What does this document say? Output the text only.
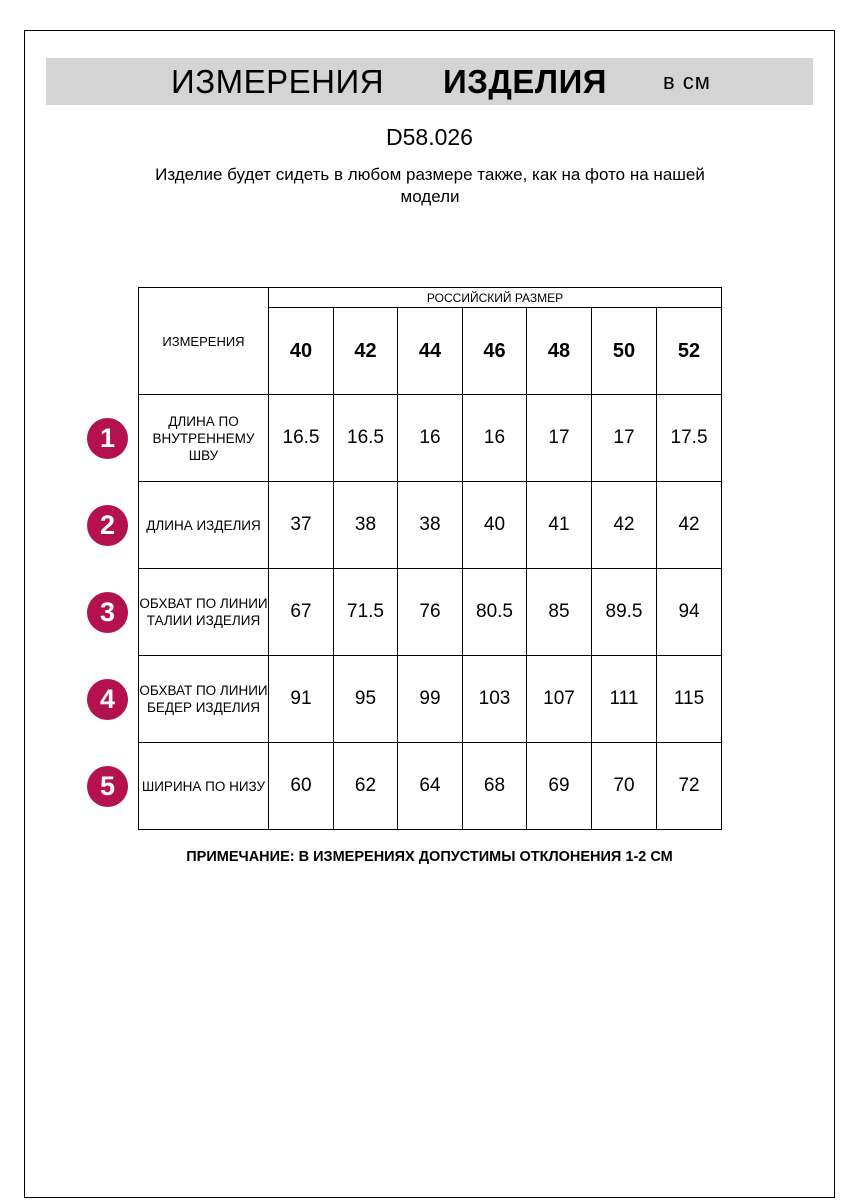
ИЗМЕРЕНИЯ ИЗДЕЛИЯ	в см
D58.026
Изделие будет сидеть в любом размере также, как на фото на нашей модели
ИЗМЕРЕНИЯ	РОССИЙСКИЙ РАЗМЕР						
	40	42	44	46	48	50	52
ДЛИНА ПО ВНУТРЕННЕМУ ШВУ	16.5	16.5	16	16	17	17	17.5
ДЛИНА ИЗДЕЛИЯ	37	38	38	40	41	42	42
ОБХВАТ ПО ЛИНИИ ТАЛИИ ИЗДЕЛИЯ	67	71.5	76	80.5	85	89.5	94
ОБХВАТ ПО ЛИНИИ БЕДЕР ИЗДЕЛИЯ	91	95	99	103	107	111	115
ШИРИНА ПО НИЗУ	60	62	64	68	69	70	72
1
2
3
4
5
ПРИМЕЧАНИЕ: В ИЗМЕРЕНИЯХ ДОПУСТИМЫ ОТКЛОНЕНИЯ 1-2 СМ
